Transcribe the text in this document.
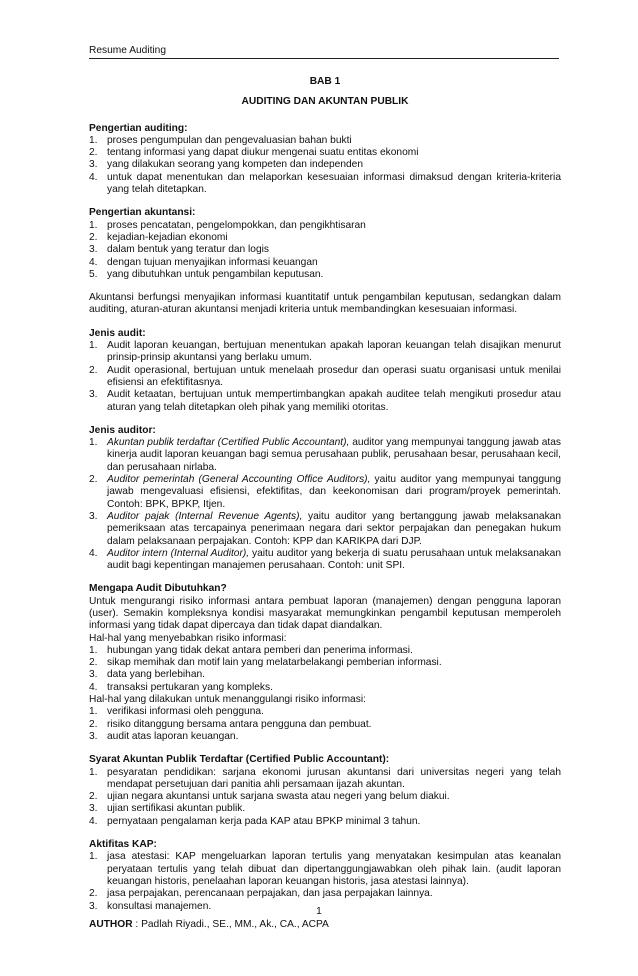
Resume Auditing
BAB 1
AUDITING DAN AKUNTAN PUBLIK
Pengertian auditing:
1. proses pengumpulan dan pengevaluasian bahan bukti
2. tentang informasi yang dapat diukur mengenai suatu entitas ekonomi
3. yang dilakukan seorang yang kompeten dan independen
4. untuk dapat menentukan dan melaporkan kesesuaian informasi dimaksud dengan kriteria-kriteria yang telah ditetapkan.
Pengertian akuntansi:
1. proses pencatatan, pengelompokkan, dan pengikhtisaran
2. kejadian-kejadian ekonomi
3. dalam bentuk yang teratur dan logis
4. dengan tujuan menyajikan informasi keuangan
5. yang dibutuhkan untuk pengambilan keputusan.
Akuntansi berfungsi menyajikan informasi kuantitatif untuk pengambilan keputusan, sedangkan dalam auditing, aturan-aturan akuntansi menjadi kriteria untuk membandingkan kesesuaian informasi.
Jenis audit:
1. Audit laporan keuangan, bertujuan menentukan apakah laporan keuangan telah disajikan menurut prinsip-prinsip akuntansi yang berlaku umum.
2. Audit operasional, bertujuan untuk menelaah prosedur dan operasi suatu organisasi untuk menilai efisiensi an efektifitasnya.
3. Audit ketaatan, bertujuan untuk mempertimbangkan apakah auditee telah mengikuti prosedur atau aturan yang telah ditetapkan oleh pihak yang memiliki otoritas.
Jenis auditor:
1. Akuntan publik terdaftar (Certified Public Accountant), auditor yang mempunyai tanggung jawab atas kinerja audit laporan keuangan bagi semua perusahaan publik, perusahaan besar, perusahaan kecil, dan perusahaan nirlaba.
2. Auditor pemerintah (General Accounting Office Auditors), yaitu auditor yang mempunyai tanggung jawab mengevaluasi efisiensi, efektifitas, dan keekonomisan dari program/proyek pemerintah. Contoh: BPK, BPKP, Itjen.
3. Auditor pajak (Internal Revenue Agents), yaitu auditor yang bertanggung jawab melaksanakan pemeriksaan atas tercapainya penerimaan negara dari sektor perpajakan dan penegakan hukum dalam pelaksanaan perpajakan. Contoh: KPP dan KARIKPA dari DJP.
4. Auditor intern (Internal Auditor), yaitu auditor yang bekerja di suatu perusahaan untuk melaksanakan audit bagi kepentingan manajemen perusahaan. Contoh: unit SPI.
Mengapa Audit Dibutuhkan?
Untuk mengurangi risiko informasi antara pembuat laporan (manajemen) dengan pengguna laporan (user). Semakin kompleksnya kondisi masyarakat memungkinkan pengambil keputusan memperoleh informasi yang tidak dapat dipercaya dan tidak dapat diandalkan.
Hal-hal yang menyebabkan risiko informasi:
1. hubungan yang tidak dekat antara pemberi dan penerima informasi.
2. sikap memihak dan motif lain yang melatarbelakangi pemberian informasi.
3. data yang berlebihan.
4. transaksi pertukaran yang kompleks.
Hal-hal yang dilakukan untuk menanggulangi risiko informasi:
1. verifikasi informasi oleh pengguna.
2. risiko ditanggung bersama antara pengguna dan pembuat.
3. audit atas laporan keuangan.
Syarat Akuntan Publik Terdaftar (Certified Public Accountant):
1. pesyaratan pendidikan: sarjana ekonomi jurusan akuntansi dari universitas negeri yang telah mendapat persetujuan dari panitia ahli persamaan ijazah akuntan.
2. ujian negara akuntansi untuk sarjana swasta atau negeri yang belum diakui.
3. ujian sertifikasi akuntan publik.
4. pernyataan pengalaman kerja pada KAP atau BPKP minimal 3 tahun.
Aktifitas KAP:
1. jasa atestasi: KAP mengeluarkan laporan tertulis yang menyatakan kesimpulan atas keanalan peryataan tertulis yang telah dibuat dan dipertanggungjawabkan oleh pihak lain. (audit laporan keuangan historis, penelaahan laporan keuangan historis, jasa atestasi lainnya).
2. jasa perpajakan, perencanaan perpajakan, dan jasa perpajakan lainnya.
3. konsultasi manajemen.	1
AUTHOR : Padlah Riyadi., SE., MM., Ak., CA., ACPA
